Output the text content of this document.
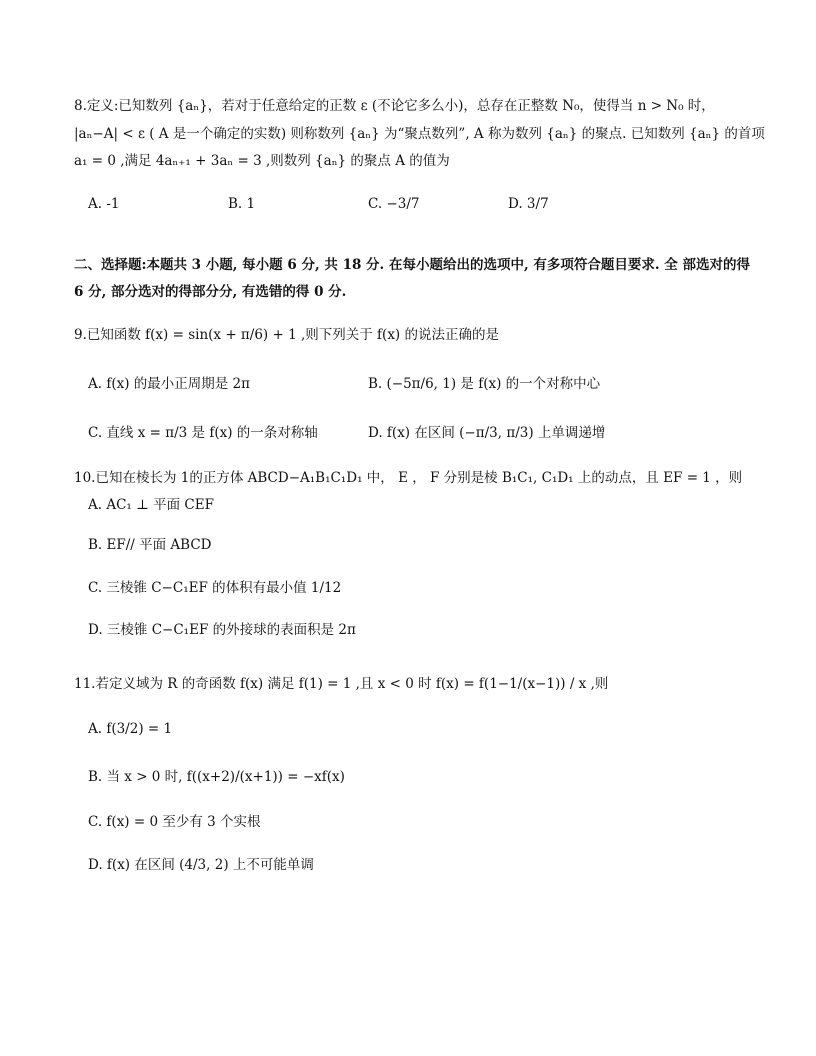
8.定义:已知数列 {aₙ}，若对于任意给定的正数 ε (不论它多么小)，总存在正整数 N₀，使得当 n > N₀ 时，
|aₙ−A| < ε ( A 是一个确定的实数) 则称数列 {aₙ} 为“聚点数列”, A 称为数列 {aₙ} 的聚点. 已知数列 {aₙ} 的首项
a₁ = 0 ,满足 4aₙ₊₁ + 3aₙ = 3 ,则数列 {aₙ} 的聚点 A 的值为
A. -1	B. 1	C. −3/7	D. 3/7
二、选择题:本题共 3 小题, 每小题 6 分, 共 18 分. 在每小题给出的选项中, 有多项符合题目要求. 全 部选对的得
6 分, 部分选对的得部分分, 有选错的得 0 分.
9.已知函数 f(x) = sin(x + π/6) + 1 ,则下列关于 f(x) 的说法正确的是
A. f(x) 的最小正周期是 2π	B. (−5π/6, 1) 是 f(x) 的一个对称中心
C. 直线 x = π/3 是 f(x) 的一条对称轴	D. f(x) 在区间 (−π/3, π/3) 上单调递增
10.已知在棱长为 1的正方体 ABCD−A₁B₁C₁D₁ 中， E ， F 分别是棱 B₁C₁, C₁D₁ 上的动点，且 EF = 1 ，则
A. AC₁ ⊥ 平面 CEF
B. EF// 平面 ABCD
C. 三棱锥 C−C₁EF 的体积有最小值 1/12
D. 三棱锥 C−C₁EF 的外接球的表面积是 2π
11.若定义域为 R 的奇函数 f(x) 满足 f(1) = 1 ,且 x < 0 时 f(x) = f(1−1/(x−1)) / x ,则
A. f(3/2) = 1
B. 当 x > 0 时, f((x+2)/(x+1)) = −xf(x)
C. f(x) = 0 至少有 3 个实根
D. f(x) 在区间 (4/3, 2) 上不可能单调
